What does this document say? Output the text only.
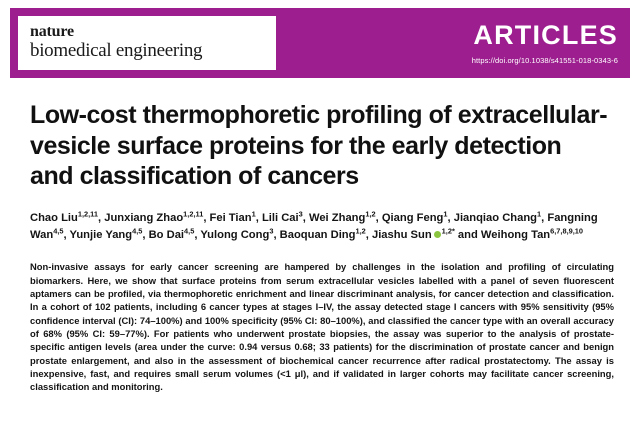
nature
biomedical engineering
ARTICLES
https://doi.org/10.1038/s41551-018-0343-6
Low-cost thermophoretic profiling of extracellular-vesicle surface proteins for the early detection and classification of cancers
Chao Liu$^{1,2,11}$, Junxiang Zhao$^{1,2,11}$, Fei Tian$^1$, Lili Cai$^3$, Wei Zhang$^{1,2}$, Qiang Feng$^1$, Jianqiao Chang$^1$, Fangning Wan$^{4,5}$, Yunjie Yang$^{4,5}$, Bo Dai$^{4,5}$, Yulong Cong$^3$, Baoquan Ding$^{1,2}$, Jiashu Sun $^{1,2*}$ and Weihong Tan$^{6,7,8,9,10}$

Non-invasive assays for early cancer screening are hampered by challenges in the isolation and profiling of circulating biomarkers. Here, we show that surface proteins from serum extracellular vesicles labelled with a panel of seven fluorescent aptamers can be profiled, via thermophoretic enrichment and linear discriminant analysis, for cancer detection and classification. In a cohort of 102 patients, including 6 cancer types at stages I–IV, the assay detected stage I cancers with 95% sensitivity (95% confidence interval (CI): 74–100%) and 100% specificity (95% CI: 80–100%), and classified the cancer type with an overall accuracy of 68% (95% CI: 59–77%). For patients who underwent prostate biopsies, the assay was superior to the analysis of prostate-specific antigen levels (area under the curve: 0.94 versus 0.68; 33 patients) for the discrimination of prostate cancer and benign prostate enlargement, and also in the assessment of biochemical cancer recurrence after radical prostatectomy. The assay is inexpensive, fast, and requires small serum volumes (<1 μl), and if validated in larger cohorts may facilitate cancer screening, classification and monitoring.
